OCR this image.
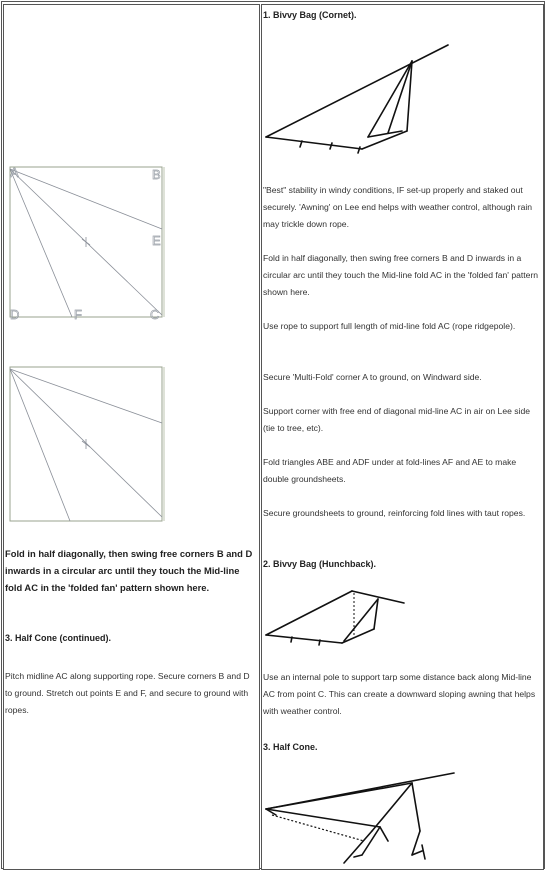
A	B
E
D	F	C

Fold in half diagonally, then swing free corners B and D inwards in a circular arc until they touch the Mid-line fold AC in the 'folded fan' pattern shown here.

3. Half Cone (continued).

Pitch midline AC along supporting rope. Secure corners B and D to ground. Stretch out points E and F, and secure to ground with ropes.

1. Bivvy Bag (Cornet).

"Best" stability in windy conditions, IF set-up properly and staked out securely. 'Awning' on Lee end helps with weather control, although rain may trickle down rope.

Fold in half diagonally, then swing free corners B and D inwards in a circular arc until they touch the Mid-line fold AC in the 'folded fan' pattern shown here.

Use rope to support full length of mid-line fold AC (rope ridgepole).

Secure 'Multi-Fold' corner A to ground, on Windward side.

Support corner with free end of diagonal mid-line AC in air on Lee side (tie to tree, etc).

Fold triangles ABE and ADF under at fold-lines AF and AE to make double groundsheets.

Secure groundsheets to ground, reinforcing fold lines with taut ropes.

2. Bivvy Bag (Hunchback).

Use an internal pole to support tarp some distance back along Mid-line AC from point C. This can create a downward sloping awning that helps with weather control.

3. Half Cone.
